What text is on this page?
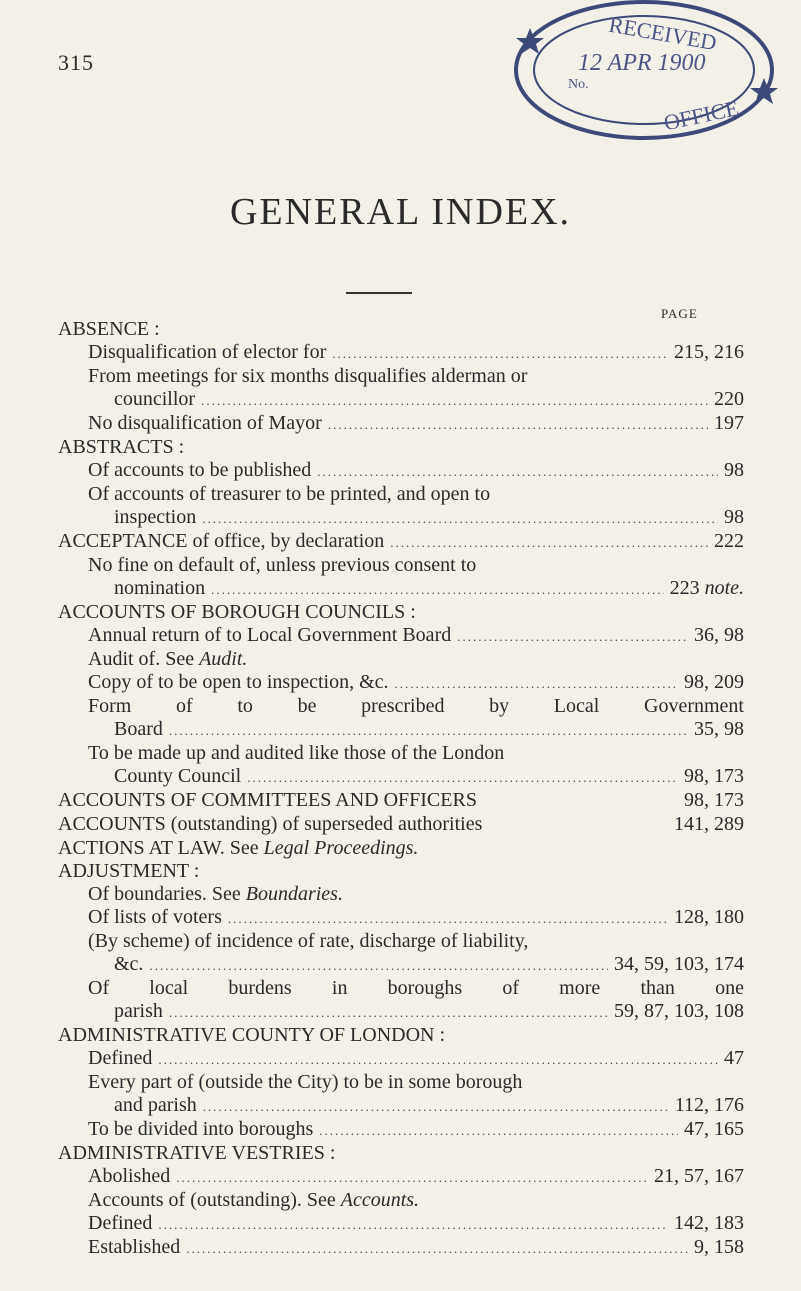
315
RECEIVED
No.
12 APR 1900
OFFICE
GENERAL INDEX.
PAGE
ABSENCE :
Disqualification of elector for .....	215, 216
From meetings for six months disqualifies alderman or
councillor .....	220
No disqualification of Mayor .....	197
ABSTRACTS :
Of accounts to be published .....	98
Of accounts of treasurer to be printed, and open to
inspection .....	98
ACCEPTANCE of office, by declaration .....	222
No fine on default of, unless previous consent to
nomination .....	223 note.
ACCOUNTS OF BOROUGH COUNCILS :
Annual return of to Local Government Board .....	36, 98
Audit of. See Audit.
Copy of to be open to inspection, &c. .....	98, 209
Form of to be prescribed by Local Government
Board .....	35, 98
To be made up and audited like those of the London
County Council .....	98, 173
ACCOUNTS OF COMMITTEES AND OFFICERS	98, 173
ACCOUNTS (outstanding) of superseded authorities	141, 289
ACTIONS AT LAW. See Legal Proceedings.
ADJUSTMENT :
Of boundaries. See Boundaries.
Of lists of voters .....	128, 180
(By scheme) of incidence of rate, discharge of liability,
&c. .....	34, 59, 103, 174
Of local burdens in boroughs of more than one
parish .....	59, 87, 103, 108
ADMINISTRATIVE COUNTY OF LONDON :
Defined .....	47
Every part of (outside the City) to be in some borough
and parish .....	112, 176
To be divided into boroughs .....	47, 165
ADMINISTRATIVE VESTRIES :
Abolished .....	21, 57, 167
Accounts of (outstanding). See Accounts.
Defined .....	142, 183
Established .....	9, 158
